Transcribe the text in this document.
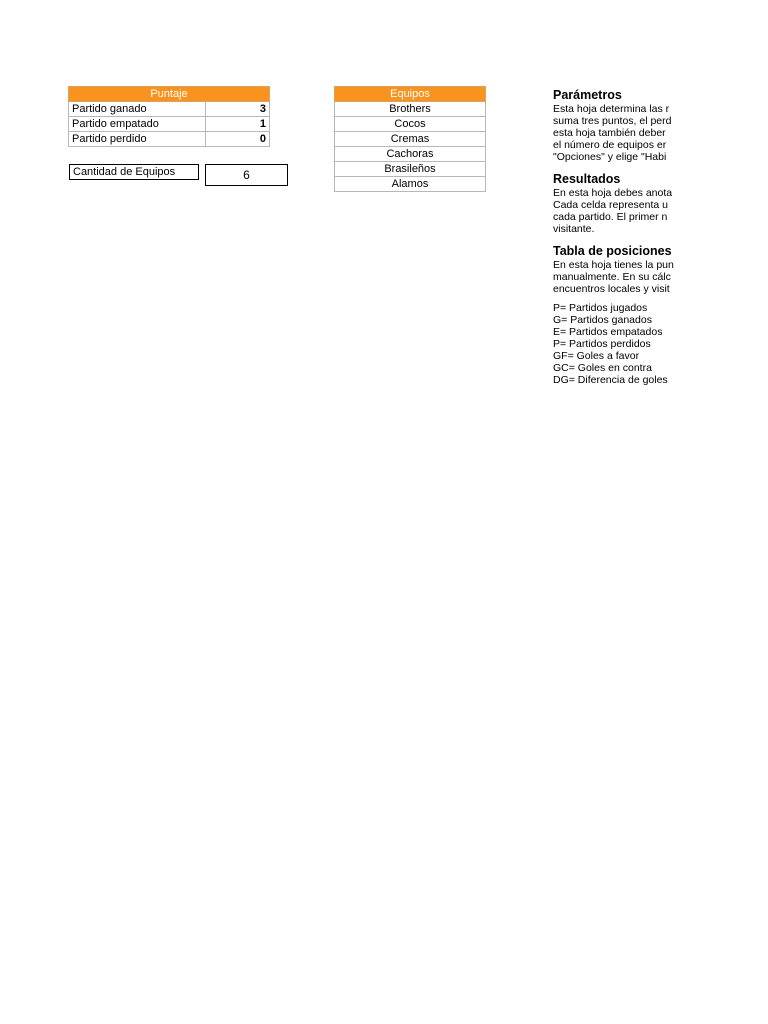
Puntaje	
Partido ganado	3
Partido empatado	1
Partido perdido	0
Cantidad de Equipos	6
Equipos
Brothers
Cocos
Cremas
Cachoras
Brasileños
Alamos
Parámetros

Esta hoja determina las r

suma tres puntos, el perd

esta hoja también deber

el número de equipos er

"Opciones" y elige "Habi

Resultados

En esta hoja debes anota

Cada celda representa u

cada partido. El primer n

visitante.

Tabla de posiciones

En esta hoja tienes la pun

manualmente. En su cálc

encuentros locales y visit

P= Partidos jugados

G= Partidos ganados

E= Partidos empatados

P= Partidos perdidos

GF= Goles a favor

GC= Goles en contra

DG= Diferencia de goles
